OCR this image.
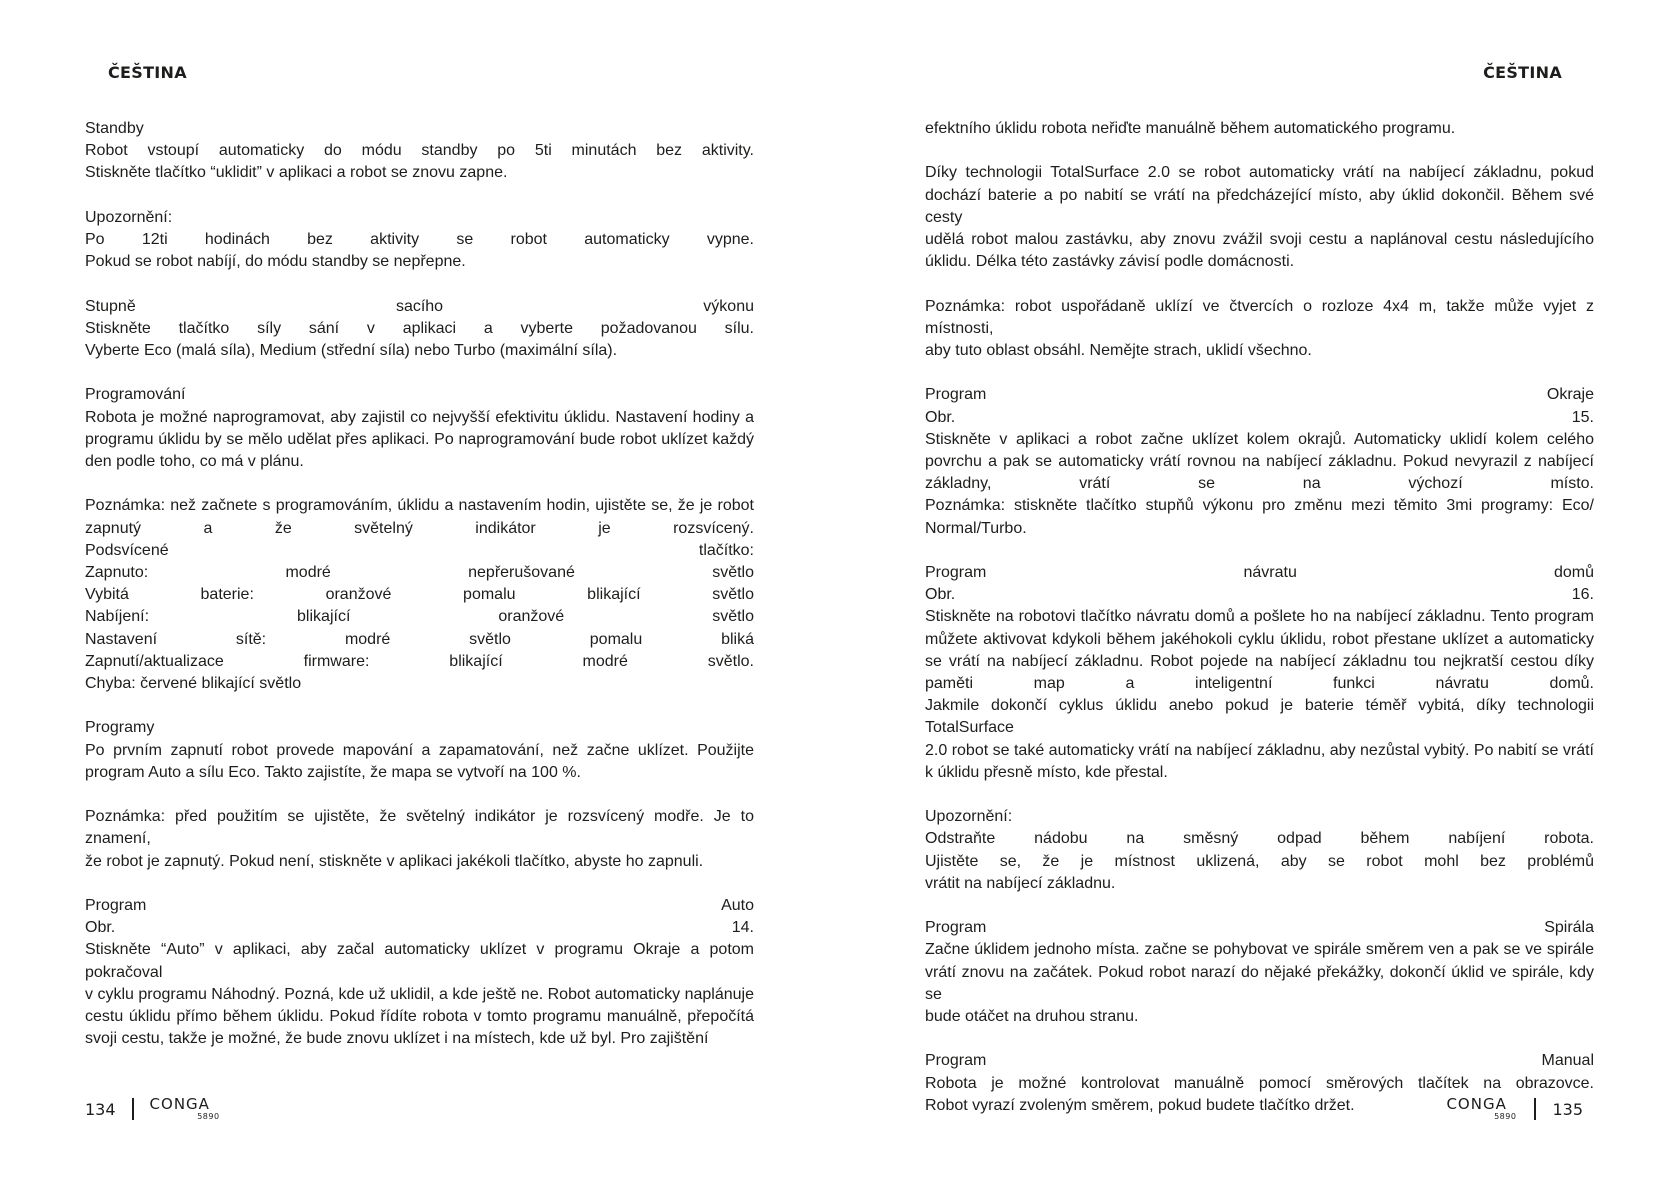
ČEŠTINA

Standby
Robot vstoupí automaticky do módu standby po 5ti minutách bez aktivity.
Stiskněte tlačítko “uklidit” v aplikaci a robot se znovu zapne.

Upozornění:
Po 12ti hodinách bez aktivity se robot automaticky vypne.
Pokud se robot nabíjí, do módu standby se nepřepne.

Stupně sacího výkonu
Stiskněte tlačítko síly sání v aplikaci a vyberte požadovanou sílu.
Vyberte Eco (malá síla), Medium (střední síla) nebo Turbo (maximální síla).

Programování
Robota je možné naprogramovat, aby zajistil co nejvyšší efektivitu úklidu. Nastavení hodiny a
programu úklidu by se mělo udělat přes aplikaci. Po naprogramování bude robot uklízet každý
den podle toho, co má v plánu.

Poznámka: než začnete s programováním, úklidu a nastavením hodin, ujistěte se, že je robot
zapnutý a že světelný indikátor je rozsvícený.
Podsvícené tlačítko:
Zapnuto: modré nepřerušované světlo
Vybitá baterie: oranžové pomalu blikající světlo
Nabíjení: blikající oranžové světlo
Nastavení sítě: modré světlo pomalu bliká
Zapnutí/aktualizace firmware: blikající modré světlo.
Chyba: červené blikající světlo

Programy
Po prvním zapnutí robot provede mapování a zapamatování, než začne uklízet. Použijte
program Auto a sílu Eco. Takto zajistíte, že mapa se vytvoří na 100 %.

Poznámka: před použitím se ujistěte, že světelný indikátor je rozsvícený modře. Je to znamení,
že robot je zapnutý. Pokud není, stiskněte v aplikaci jakékoli tlačítko, abyste ho zapnuli.

Program Auto
Obr. 14.
Stiskněte “Auto” v aplikaci, aby začal automaticky uklízet v programu Okraje a potom pokračoval
v cyklu programu Náhodný. Pozná, kde už uklidil, a kde ještě ne. Robot automaticky naplánuje
cestu úklidu přímo během úklidu. Pokud řídíte robota v tomto programu manuálně, přepočítá
svoji cestu, takže je možné, že bude znovu uklízet i na místech, kde už byl. Pro zajištění

134 CONGA
5890
ČEŠTINA

efektního úklidu robota neřiďte manuálně během automatického programu.

Díky technologii TotalSurface 2.0 se robot automaticky vrátí na nabíjecí základnu, pokud
dochází baterie a po nabití se vrátí na předcházející místo, aby úklid dokončil. Během své cesty
udělá robot malou zastávku, aby znovu zvážil svoji cestu a naplánoval cestu následujícího
úklidu. Délka této zastávky závisí podle domácnosti.

Poznámka: robot uspořádaně uklízí ve čtvercích o rozloze 4x4 m, takže může vyjet z místnosti,
aby tuto oblast obsáhl. Nemějte strach, uklidí všechno.

Program Okraje
Obr. 15.
Stiskněte v aplikaci a robot začne uklízet kolem okrajů. Automaticky uklidí kolem celého
povrchu a pak se automaticky vrátí rovnou na nabíjecí základnu. Pokud nevyrazil z nabíjecí
základny, vrátí se na výchozí místo.
Poznámka: stiskněte tlačítko stupňů výkonu pro změnu mezi těmito 3mi programy: Eco/
Normal/Turbo.

Program návratu domů
Obr. 16.
Stiskněte na robotovi tlačítko návratu domů a pošlete ho na nabíjecí základnu. Tento program
můžete aktivovat kdykoli během jakéhokoli cyklu úklidu, robot přestane uklízet a automaticky
se vrátí na nabíjecí základnu. Robot pojede na nabíjecí základnu tou nejkratší cestou díky
paměti map a inteligentní funkci návratu domů.
Jakmile dokončí cyklus úklidu anebo pokud je baterie téměř vybitá, díky technologii TotalSurface
2.0 robot se také automaticky vrátí na nabíjecí základnu, aby nezůstal vybitý. Po nabití se vrátí
k úklidu přesně místo, kde přestal.

Upozornění:
Odstraňte nádobu na směsný odpad během nabíjení robota.
Ujistěte se, že je místnost uklizená, aby se robot mohl bez problémů
vrátit na nabíjecí základnu.

Program Spirála
Začne úklidem jednoho místa. začne se pohybovat ve spirále směrem ven a pak se ve spirále
vrátí znovu na začátek. Pokud robot narazí do nějaké překážky, dokončí úklid ve spirále, kdy se
bude otáčet na druhou stranu.

Program Manual
Robota je možné kontrolovat manuálně pomocí směrových tlačítek na obrazovce.
Robot vyrazí zvoleným směrem, pokud budete tlačítko držet.	CONGA
5890 135
